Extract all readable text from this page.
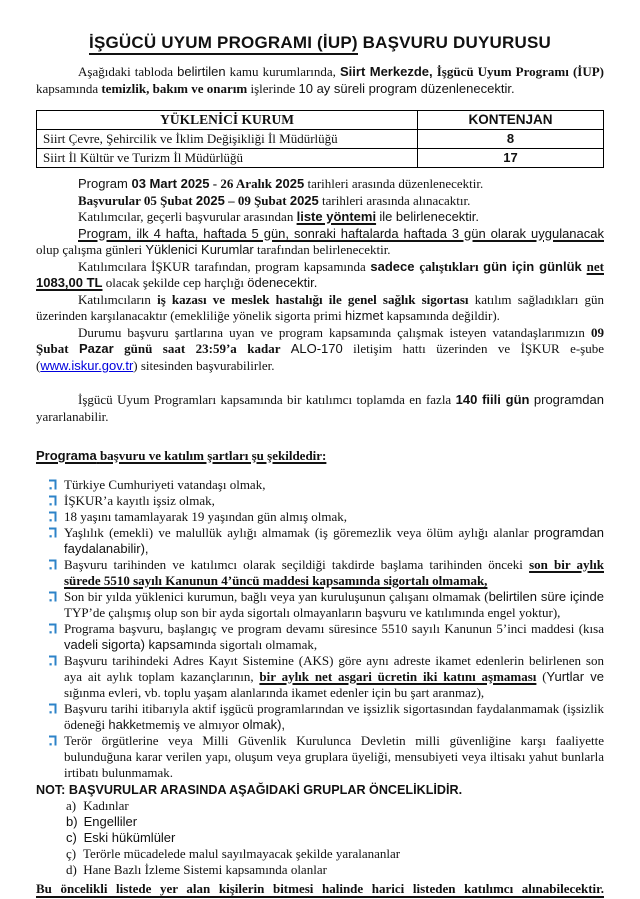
İŞGÜCÜ UYUM PROGRAMI (İUP) BAŞVURU DUYURUSU

Aşağıdaki tabloda belirtilen kamu kurumlarında, Siirt Merkezde, İşgücü Uyum Programı (İUP) kapsamında temizlik, bakım ve onarım işlerinde 10 ay süreli program düzenlenecektir.

YÜKLENİCİ KURUM	KONTENJAN
Siirt Çevre, Şehircilik ve İklim Değişikliği İl Müdürlüğü	8
Siirt İl Kültür ve Turizm İl Müdürlüğü	17

Program 03 Mart 2025 - 26 Aralık 2025 tarihleri arasında düzenlenecektir.

Başvurular 05 Şubat 2025 – 09 Şubat 2025 tarihleri arasında alınacaktır.

Katılımcılar, geçerli başvurular arasından liste yöntemi ile belirlenecektir.

Program, ilk 4 hafta, haftada 5 gün, sonraki haftalarda haftada 3 gün olarak uygulanacak olup çalışma günleri Yüklenici Kurumlar tarafından belirlenecektir.

Katılımcılara İŞKUR tarafından, program kapsamında sadece çalıştıkları gün için günlük net 1083,00 TL olacak şekilde cep harçlığı ödenecektir.

Katılımcıların iş kazası ve meslek hastalığı ile genel sağlık sigortası katılım sağladıkları gün üzerinden karşılanacaktır (emekliliğe yönelik sigorta primi hizmet kapsamında değildir).

Durumu başvuru şartlarına uyan ve program kapsamında çalışmak isteyen vatandaşlarımızın 09 Şubat Pazar günü saat 23:59’a kadar ALO-170 iletişim hattı üzerinden ve İŞKUR e-şube (www.iskur.gov.tr) sitesinden başvurabilirler.

İşgücü Uyum Programları kapsamında bir katılımcı toplamda en fazla 140 fiili gün programdan yararlanabilir.

Programa başvuru ve katılım şartları şu şekildedir:

Türkiye Cumhuriyeti vatandaşı olmak,
İŞKUR’a kayıtlı işsiz olmak,
18 yaşını tamamlayarak 19 yaşından gün almış olmak,
Yaşlılık (emekli) ve malullük aylığı almamak (iş göremezlik veya ölüm aylığı alanlar programdan faydalanabilir),
Başvuru tarihinden ve katılımcı olarak seçildiği takdirde başlama tarihinden önceki son bir aylık sürede 5510 sayılı Kanunun 4’üncü maddesi kapsamında sigortalı olmamak,
Son bir yılda yüklenici kurumun, bağlı veya yan kuruluşunun çalışanı olmamak (belirtilen süre içinde TYP’de çalışmış olup son bir ayda sigortalı olmayanların başvuru ve katılımında engel yoktur),
Programa başvuru, başlangıç ve program devamı süresince 5510 sayılı Kanunun 5’inci maddesi (kısa vadeli sigorta) kapsamında sigortalı olmamak,
Başvuru tarihindeki Adres Kayıt Sistemine (AKS) göre aynı adreste ikamet edenlerin belirlenen son aya ait aylık toplam kazançlarının, bir aylık net asgari ücretin iki katını aşmaması (Yurtlar ve sığınma evleri, vb. toplu yaşam alanlarında ikamet edenler için bu şart aranmaz),
Başvuru tarihi itibarıyla aktif işgücü programlarından ve işsizlik sigortasından faydalanmamak (işsizlik ödeneği hakketmemiş ve almıyor olmak),
Terör örgütlerine veya Milli Güvenlik Kurulunca Devletin milli güvenliğine karşı faaliyette bulunduğuna karar verilen yapı, oluşum veya gruplara üyeliği, mensubiyeti veya iltisakı yahut bunlarla irtibatı bulunmamak.

NOT: BAŞVURULAR ARASINDA AŞAĞIDAKİ GRUPLAR ÖNCELİKLİDİR.

a) Kadınlar
b) Engelliler
c) Eski hükümlüler
ç) Terörle mücadelede malul sayılmayacak şekilde yaralananlar
d) Hane Bazlı İzleme Sistemi kapsamında olanlar

Bu öncelikli listede yer alan kişilerin bitmesi halinde harici listeden katılımcı alınabilecektir.
